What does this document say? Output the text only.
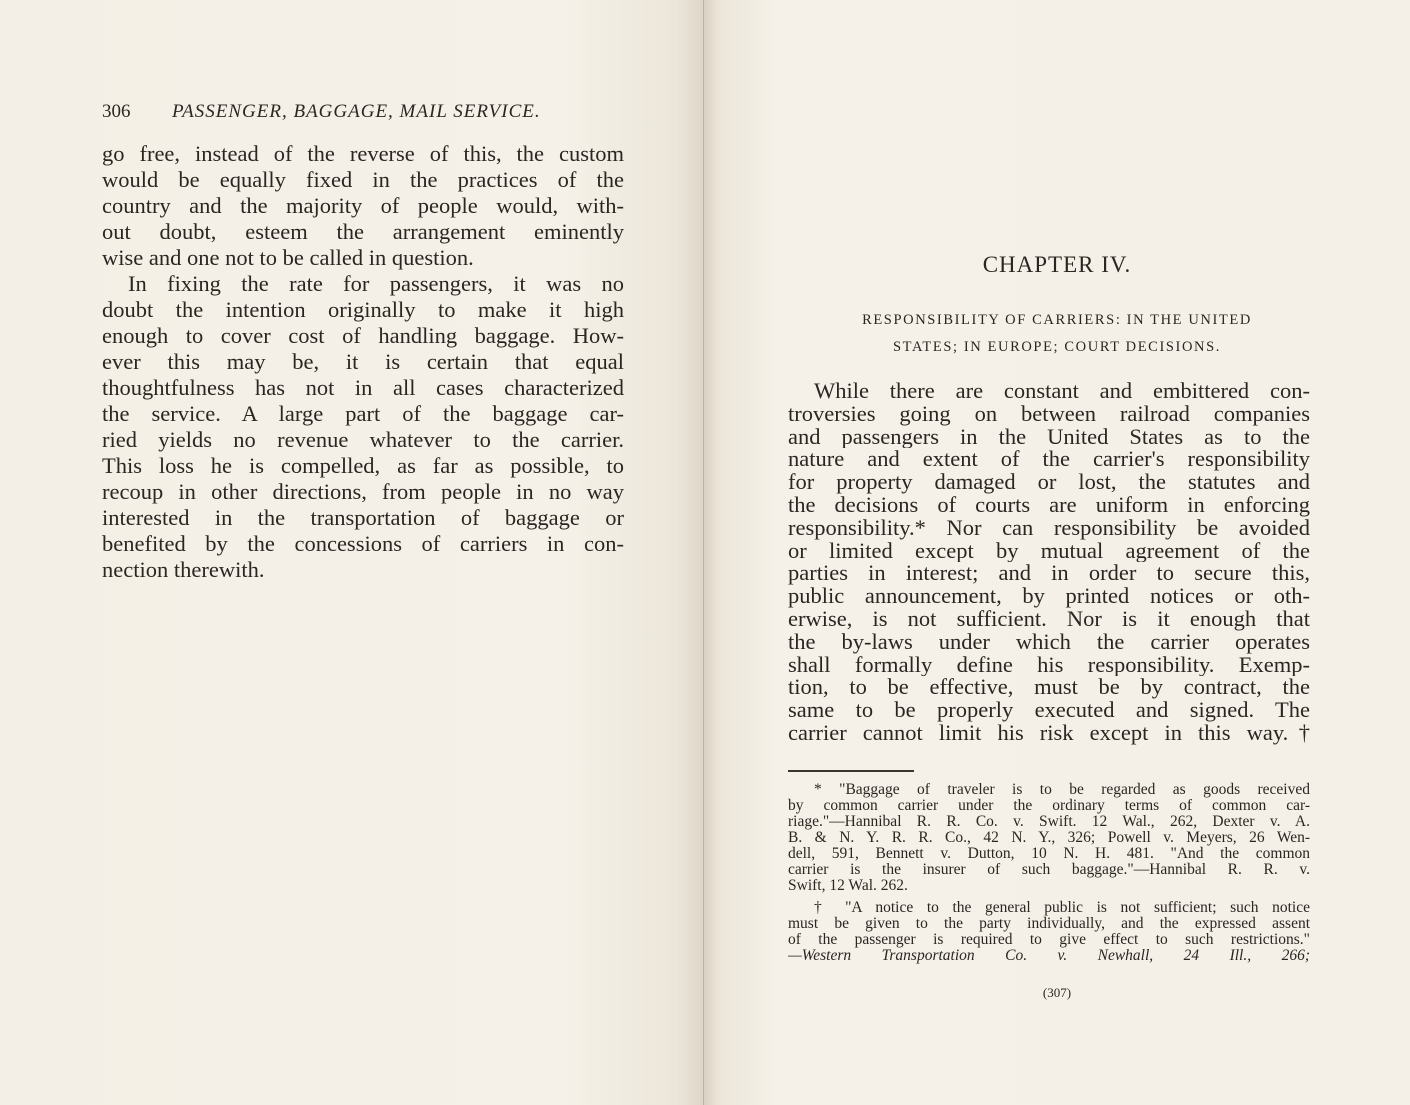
306 PASSENGER, BAGGAGE, MAIL SERVICE.

go free, instead of the reverse of this, the custom
would be equally fixed in the practices of the
country and the majority of people would, with-
out doubt, esteem the arrangement eminently
wise and one not to be called in question.

In fixing the rate for passengers, it was no
doubt the intention originally to make it high
enough to cover cost of handling baggage. How-
ever this may be, it is certain that equal
thoughtfulness has not in all cases characterized
the service. A large part of the baggage car-
ried yields no revenue whatever to the carrier.
This loss he is compelled, as far as possible, to
recoup in other directions, from people in no way
interested in the transportation of baggage or
benefited by the concessions of carriers in con-
nection therewith.

CHAPTER IV.
RESPONSIBILITY OF CARRIERS: IN THE UNITED
STATES; IN EUROPE; COURT DECISIONS.

While there are constant and embittered con-
troversies going on between railroad companies
and passengers in the United States as to the
nature and extent of the carrier's responsibility
for property damaged or lost, the statutes and
the decisions of courts are uniform in enforcing
responsibility.* Nor can responsibility be avoided
or limited except by mutual agreement of the
parties in interest; and in order to secure this,
public announcement, by printed notices or oth-
erwise, is not sufficient. Nor is it enough that
the by-laws under which the carrier operates
shall formally define his responsibility. Exemp-
tion, to be effective, must be by contract, the
same to be properly executed and signed. The
carrier cannot limit his risk except in this way.†

* "Baggage of traveler is to be regarded as goods received
by common carrier under the ordinary terms of common car-
riage."—Hannibal R. R. Co. v. Swift. 12 Wal., 262, Dexter v. A.
B. & N. Y. R. R. Co., 42 N. Y., 326; Powell v. Meyers, 26 Wen-
dell, 591, Bennett v. Dutton, 10 N. H. 481. "And the common
carrier is the insurer of such baggage."—Hannibal R. R. v.
Swift, 12 Wal. 262.
† "A notice to the general public is not sufficient; such notice
must be given to the party individually, and the expressed assent
of the passenger is required to give effect to such restrictions."
—Western Transportation Co. v. Newhall, 24 Ill., 266;
(307)
